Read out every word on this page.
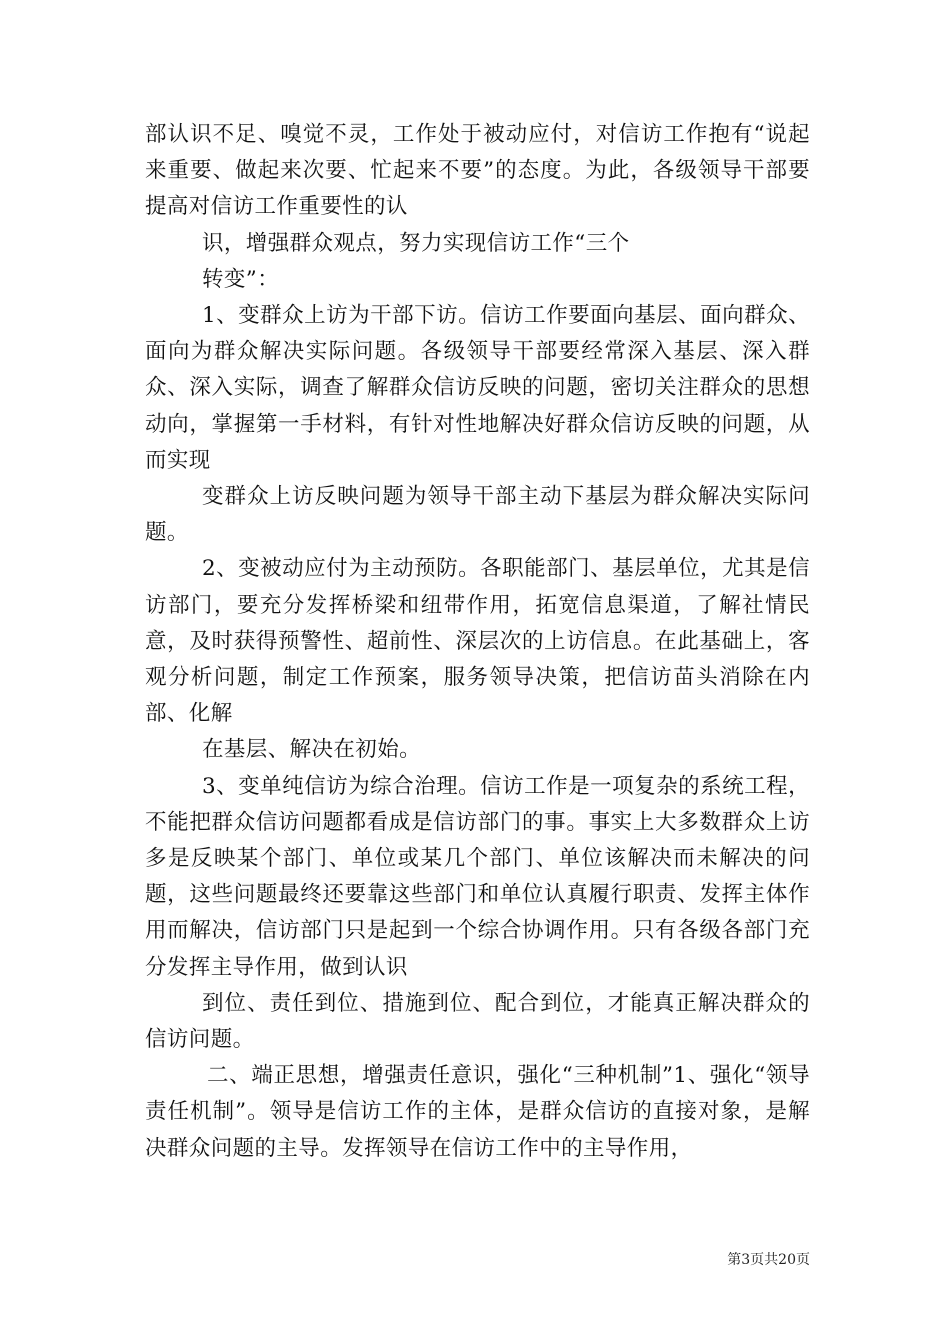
部认识不足、嗅觉不灵，工作处于被动应付，对信访工作抱有“说起来重要、做起来次要、忙起来不要”的态度。为此，各级领导干部要提高对信访工作重要性的认

识，增强群众观点，努力实现信访工作“三个

转变”：

1、变群众上访为干部下访。信访工作要面向基层、面向群众、面向为群众解决实际问题。各级领导干部要经常深入基层、深入群众、深入实际，调查了解群众信访反映的问题，密切关注群众的思想动向，掌握第一手材料，有针对性地解决好群众信访反映的问题，从而实现

变群众上访反映问题为领导干部主动下基层为群众解决实际问题。

2、变被动应付为主动预防。各职能部门、基层单位，尤其是信访部门，要充分发挥桥梁和纽带作用，拓宽信息渠道，了解社情民意，及时获得预警性、超前性、深层次的上访信息。在此基础上，客观分析问题，制定工作预案，服务领导决策，把信访苗头消除在内部、化解

在基层、解决在初始。

3、变单纯信访为综合治理。信访工作是一项复杂的系统工程，不能把群众信访问题都看成是信访部门的事。事实上大多数群众上访多是反映某个部门、单位或某几个部门、单位该解决而未解决的问题，这些问题最终还要靠这些部门和单位认真履行职责、发挥主体作用而解决，信访部门只是起到一个综合协调作用。只有各级各部门充分发挥主导作用，做到认识

到位、责任到位、措施到位、配合到位，才能真正解决群众的信访问题。

二、端正思想，增强责任意识，强化“三种机制”1、强化“领导责任机制”。领导是信访工作的主体，是群众信访的直接对象，是解决群众问题的主导。发挥领导在信访工作中的主导作用，

第3页共20页
